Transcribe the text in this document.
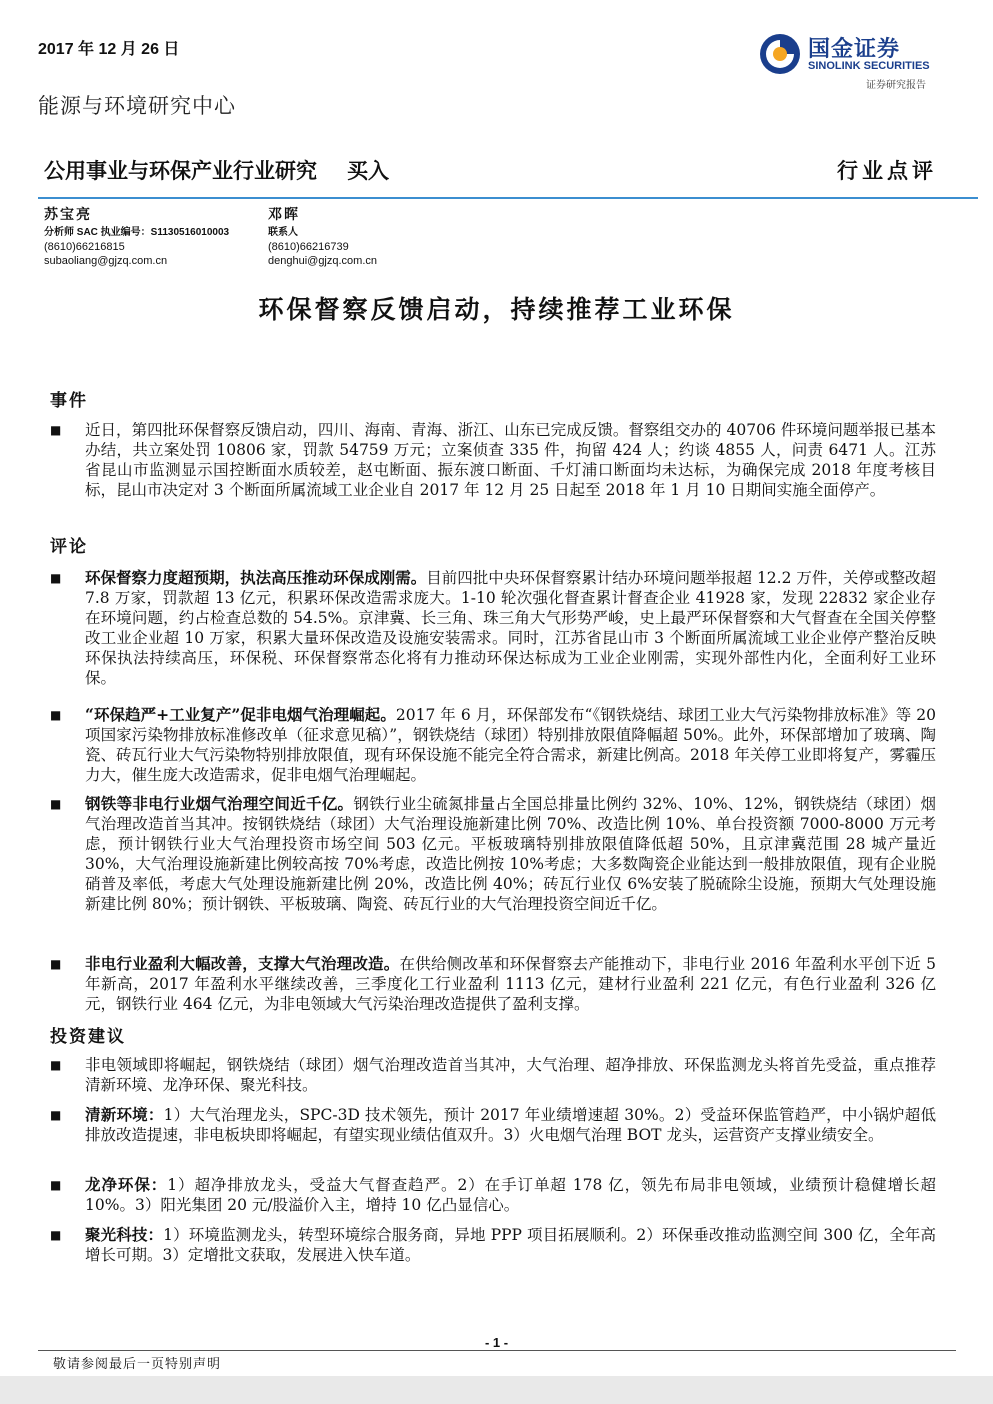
2017 年 12 月 26 日	国金证券
SINOLINK SECURITIES
证券研究报告
能源与环境研究中心
公用事业与环保产业行业研究 买入	行业点评
苏宝亮
分析师 SAC 执业编号：S1130516010003
(8610)66216815
subaoliang@gjzq.com.cn
邓晖
联系人
(8610)66216739
denghui@gjzq.com.cn
环保督察反馈启动，持续推荐工业环保
事件
■ 近日，第四批环保督察反馈启动，四川、海南、青海、浙江、山东已完成反馈。督察组交办的 40706 件环境问题举报已基本办结，共立案处罚 10806 家，罚款 54759 万元；立案侦查 335 件，拘留 424 人；约谈 4855 人，问责 6471 人。江苏省昆山市监测显示国控断面水质较差，赵屯断面、振东渡口断面、千灯浦口断面均未达标，为确保完成 2018 年度考核目标，昆山市决定对 3 个断面所属流域工业企业自 2017 年 12 月 25 日起至 2018 年 1 月 10 日期间实施全面停产。
评论
■ 环保督察力度超预期，执法高压推动环保成刚需。目前四批中央环保督察累计结办环境问题举报超 12.2 万件，关停或整改超 7.8 万家，罚款超 13 亿元，积累环保改造需求庞大。1-10 轮次强化督查累计督查企业 41928 家，发现 22832 家企业存在环境问题，约占检查总数的 54.5%。京津冀、长三角、珠三角大气形势严峻，史上最严环保督察和大气督查在全国关停整改工业企业超 10 万家，积累大量环保改造及设施安装需求。同时，江苏省昆山市 3 个断面所属流域工业企业停产整治反映环保执法持续高压，环保税、环保督察常态化将有力推动环保达标成为工业企业刚需，实现外部性内化，全面利好工业环保。
■ “环保趋严+工业复产”促非电烟气治理崛起。2017 年 6 月，环保部发布“《钢铁烧结、球团工业大气污染物排放标准》等 20 项国家污染物排放标准修改单（征求意见稿）”，钢铁烧结（球团）特别排放限值降幅超 50%。此外，环保部增加了玻璃、陶瓷、砖瓦行业大气污染物特别排放限值，现有环保设施不能完全符合需求，新建比例高。2018 年关停工业即将复产，雾霾压力大，催生庞大改造需求，促非电烟气治理崛起。
■ 钢铁等非电行业烟气治理空间近千亿。钢铁行业尘硫氮排量占全国总排量比例约 32%、10%、12%，钢铁烧结（球团）烟气治理改造首当其冲。按钢铁烧结（球团）大气治理设施新建比例 70%、改造比例 10%、单台投资额 7000-8000 万元考虑，预计钢铁行业大气治理投资市场空间 503 亿元。平板玻璃特别排放限值降低超 50%，且京津冀范围 28 城产量近 30%，大气治理设施新建比例较高按 70%考虑，改造比例按 10%考虑；大多数陶瓷企业能达到一般排放限值，现有企业脱硝普及率低，考虑大气处理设施新建比例 20%，改造比例 40%；砖瓦行业仅 6%安装了脱硫除尘设施，预期大气处理设施新建比例 80%；预计钢铁、平板玻璃、陶瓷、砖瓦行业的大气治理投资空间近千亿。
■ 非电行业盈利大幅改善，支撑大气治理改造。在供给侧改革和环保督察去产能推动下，非电行业 2016 年盈利水平创下近 5 年新高，2017 年盈利水平继续改善，三季度化工行业盈利 1113 亿元，建材行业盈利 221 亿元，有色行业盈利 326 亿元，钢铁行业 464 亿元，为非电领域大气污染治理改造提供了盈利支撑。
投资建议
■ 非电领域即将崛起，钢铁烧结（球团）烟气治理改造首当其冲，大气治理、超净排放、环保监测龙头将首先受益，重点推荐清新环境、龙净环保、聚光科技。
■ 清新环境：1）大气治理龙头，SPC-3D 技术领先，预计 2017 年业绩增速超 30%。2）受益环保监管趋严，中小锅炉超低排放改造提速，非电板块即将崛起，有望实现业绩估值双升。3）火电烟气治理 BOT 龙头，运营资产支撑业绩安全。
■ 龙净环保：1）超净排放龙头，受益大气督查趋严。2）在手订单超 178 亿，领先布局非电领域，业绩预计稳健增长超 10%。3）阳光集团 20 元/股溢价入主，增持 10 亿凸显信心。
■ 聚光科技：1）环境监测龙头，转型环境综合服务商，异地 PPP 项目拓展顺利。2）环保垂改推动监测空间 300 亿，全年高增长可期。3）定增批文获取，发展进入快车道。
- 1 -
敬请参阅最后一页特别声明
